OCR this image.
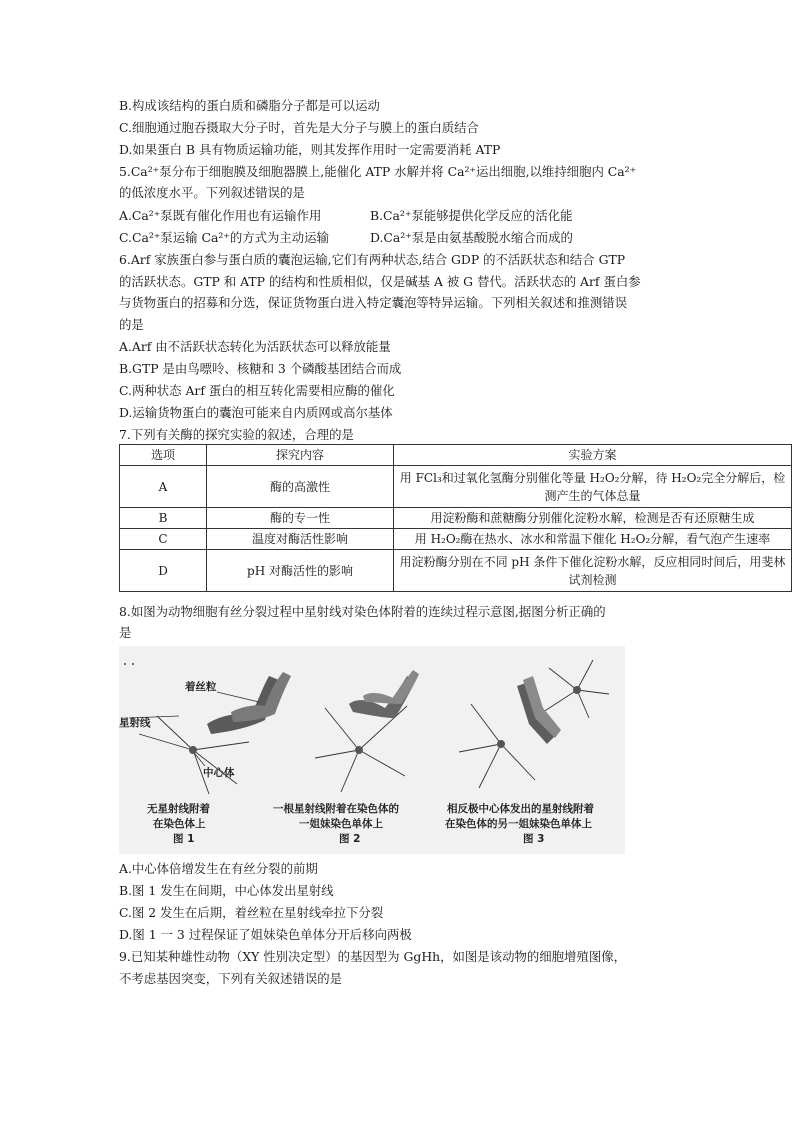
B.构成该结构的蛋白质和磷脂分子都是可以运动
C.细胞通过胞吞摄取大分子时，首先是大分子与膜上的蛋白质结合
D.如果蛋白 B 具有物质运输功能，则其发挥作用时一定需要消耗 ATP
5.Ca²⁺泵分布于细胞膜及细胞器膜上,能催化 ATP 水解并将 Ca²⁺运出细胞,以维持细胞内 Ca²⁺
的低浓度水平。下列叙述错误的是
A.Ca²⁺泵既有催化作用也有运输作用	B.Ca²⁺泵能够提供化学反应的活化能
C.Ca²⁺泵运输 Ca²⁺的方式为主动运输	D.Ca²⁺泵是由氨基酸脱水缩合而成的
6.Arf 家族蛋白参与蛋白质的囊泡运输,它们有两种状态,结合 GDP 的不活跃状态和结合 GTP
的活跃状态。GTP 和 ATP 的结构和性质相似，仅是碱基 A 被 G 替代。活跃状态的 Arf 蛋白参
与货物蛋白的招募和分选，保证货物蛋白进入特定囊泡等特异运输。下列相关叙述和推测错误
的是
A.Arf 由不活跃状态转化为活跃状态可以释放能量
B.GTP 是由鸟嘌呤、核糖和 3 个磷酸基团结合而成
C.两种状态 Arf 蛋白的相互转化需要相应酶的催化
D.运输货物蛋白的囊泡可能来自内质网或高尔基体
7.下列有关酶的探究实验的叙述，合理的是
选项	探究内容	实验方案
A	酶的高激性	用 FCl₃和过氧化氢酶分别催化等量 H₂O₂分解，待 H₂O₂完全分解后，检测产生的气体总量
B	酶的专一性	用淀粉酶和蔗糖酶分别催化淀粉水解，检测是否有还原糖生成
C	温度对酶活性影响	用 H₂O₂酶在热水、冰水和常温下催化 H₂O₂分解，看气泡产生速率
D	pH 对酶活性的影响	用淀粉酶分别在不同 pH 条件下催化淀粉水解，反应相同时间后，用斐林试剂检测
8.如图为动物细胞有丝分裂过程中星射线对染色体附着的连续过程示意图,据图分析正确的
是
着丝粒
星射线
中心体
无星射线附着
在染色体上
图 1
一根星射线附着在染色体的
一姐妹染色单体上
图 2
相反极中心体发出的星射线附着
在染色体的另一姐妹染色单体上
图 3
A.中心体倍增发生在有丝分裂的前期
B.图 1 发生在间期，中心体发出星射线
C.图 2 发生在后期，着丝粒在星射线牵拉下分裂
D.图 1 一 3 过程保证了姐妹染色单体分开后移向两极
9.已知某种雄性动物（XY 性别决定型）的基因型为 GgHh，如图是该动物的细胞增殖图像，
不考虑基因突变，下列有关叙述错误的是
